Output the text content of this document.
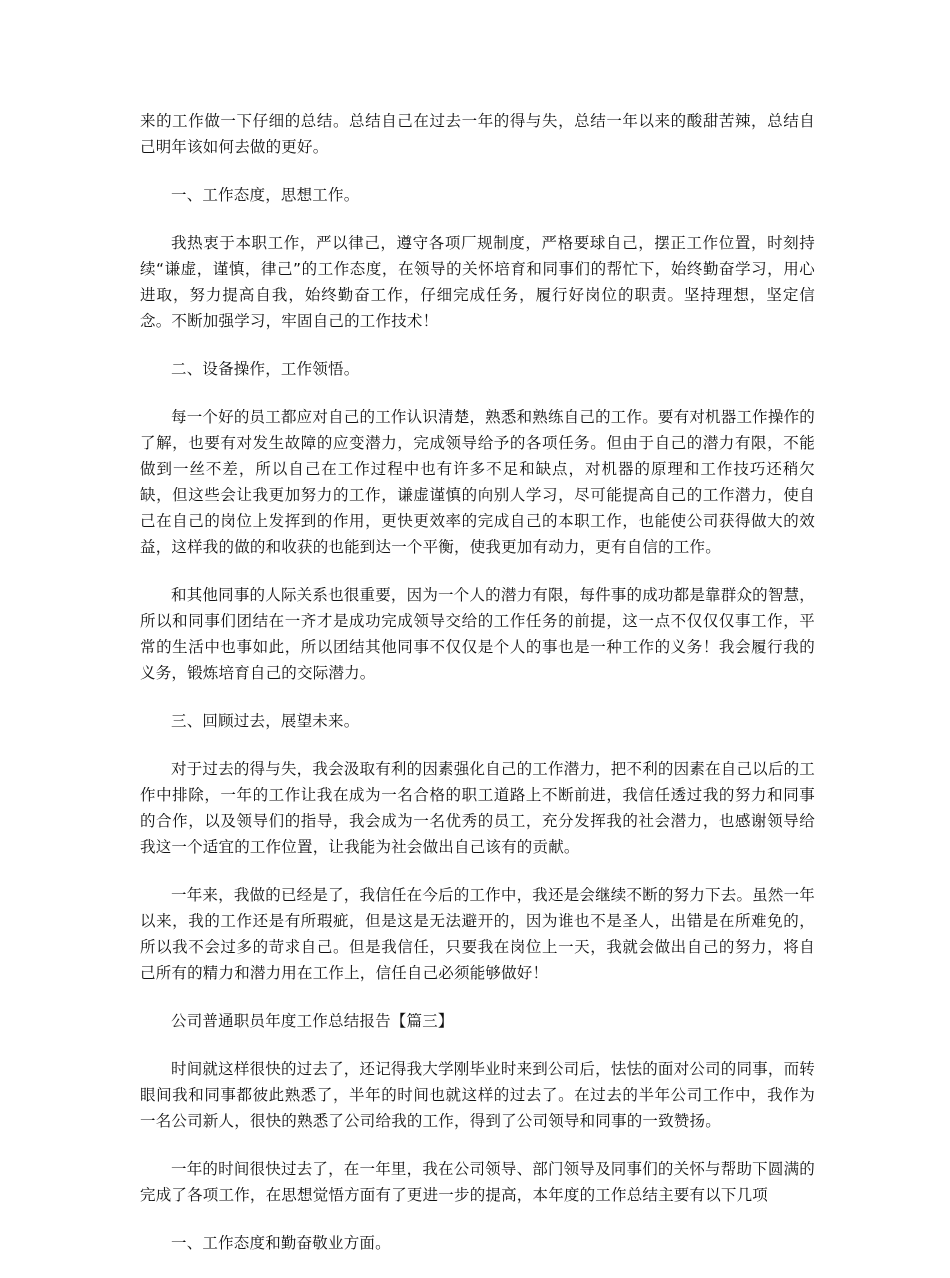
来的工作做一下仔细的总结。总结自己在过去一年的得与失，总结一年以来的酸甜苦辣，总结自己明年该如何去做的更好。

一、工作态度，思想工作。

我热衷于本职工作，严以律己，遵守各项厂规制度，严格要球自己，摆正工作位置，时刻持续“谦虚，谨慎，律己”的工作态度，在领导的关怀培育和同事们的帮忙下，始终勤奋学习，用心进取，努力提高自我，始终勤奋工作，仔细完成任务，履行好岗位的职责。坚持理想，坚定信念。不断加强学习，牢固自己的工作技术！

二、设备操作，工作领悟。

每一个好的员工都应对自己的工作认识清楚，熟悉和熟练自己的工作。要有对机器工作操作的了解，也要有对发生故障的应变潜力，完成领导给予的各项任务。但由于自己的潜力有限，不能做到一丝不差，所以自己在工作过程中也有许多不足和缺点，对机器的原理和工作技巧还稍欠缺，但这些会让我更加努力的工作，谦虚谨慎的向别人学习，尽可能提高自己的工作潜力，使自己在自己的岗位上发挥到的作用，更快更效率的完成自己的本职工作，也能使公司获得做大的效益，这样我的做的和收获的也能到达一个平衡，使我更加有动力，更有自信的工作。

和其他同事的人际关系也很重要，因为一个人的潜力有限，每件事的成功都是靠群众的智慧，所以和同事们团结在一齐才是成功完成领导交给的工作任务的前提，这一点不仅仅仅事工作，平常的生活中也事如此，所以团结其他同事不仅仅是个人的事也是一种工作的义务！我会履行我的义务，锻炼培育自己的交际潜力。

三、回顾过去，展望未来。

对于过去的得与失，我会汲取有利的因素强化自己的工作潜力，把不利的因素在自己以后的工作中排除，一年的工作让我在成为一名合格的职工道路上不断前进，我信任透过我的努力和同事的合作，以及领导们的指导，我会成为一名优秀的员工，充分发挥我的社会潜力，也感谢领导给我这一个适宜的工作位置，让我能为社会做出自己该有的贡献。

一年来，我做的已经是了，我信任在今后的工作中，我还是会继续不断的努力下去。虽然一年以来，我的工作还是有所瑕疵，但是这是无法避开的，因为谁也不是圣人，出错是在所难免的，所以我不会过多的苛求自己。但是我信任，只要我在岗位上一天，我就会做出自己的努力，将自己所有的精力和潜力用在工作上，信任自己必须能够做好！

公司普通职员年度工作总结报告【篇三】

时间就这样很快的过去了，还记得我大学刚毕业时来到公司后，怯怯的面对公司的同事，而转眼间我和同事都彼此熟悉了，半年的时间也就这样的过去了。在过去的半年公司工作中，我作为一名公司新人，很快的熟悉了公司给我的工作，得到了公司领导和同事的一致赞扬。

一年的时间很快过去了，在一年里，我在公司领导、部门领导及同事们的关怀与帮助下圆满的完成了各项工作，在思想觉悟方面有了更进一步的提高，本年度的工作总结主要有以下几项

一、工作态度和勤奋敬业方面。
